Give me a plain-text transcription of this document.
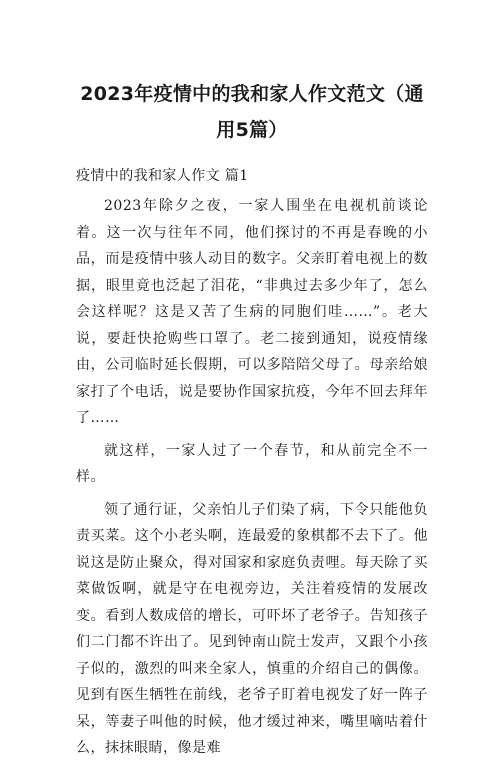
2023年疫情中的我和家人作文范文（通用5篇）
疫情中的我和家人作文 篇1

2023年除夕之夜，一家人围坐在电视机前谈论着。这一次与往年不同，他们探讨的不再是春晚的小品，而是疫情中骇人动目的数字。父亲盯着电视上的数据，眼里竟也泛起了泪花，“非典过去多少年了，怎么会这样呢？这是又苦了生病的同胞们哇……”。老大说，要赶快抢购些口罩了。老二接到通知，说疫情缘由，公司临时延长假期，可以多陪陪父母了。母亲给娘家打了个电话，说是要协作国家抗疫，今年不回去拜年了……

就这样，一家人过了一个春节，和从前完全不一样。

领了通行证，父亲怕儿子们染了病，下令只能他负责买菜。这个小老头啊，连最爱的象棋都不去下了。他说这是防止聚众，得对国家和家庭负责哩。每天除了买菜做饭啊，就是守在电视旁边，关注着疫情的发展改变。看到人数成倍的增长，可吓坏了老爷子。告知孩子们二门都不许出了。见到钟南山院士发声，又跟个小孩子似的，激烈的叫来全家人，慎重的介绍自己的偶像。见到有医生牺牲在前线，老爷子盯着电视发了好一阵子呆，等妻子叫他的时候，他才缓过神来，嘴里嘀咕着什么，抹抹眼睛，像是难
